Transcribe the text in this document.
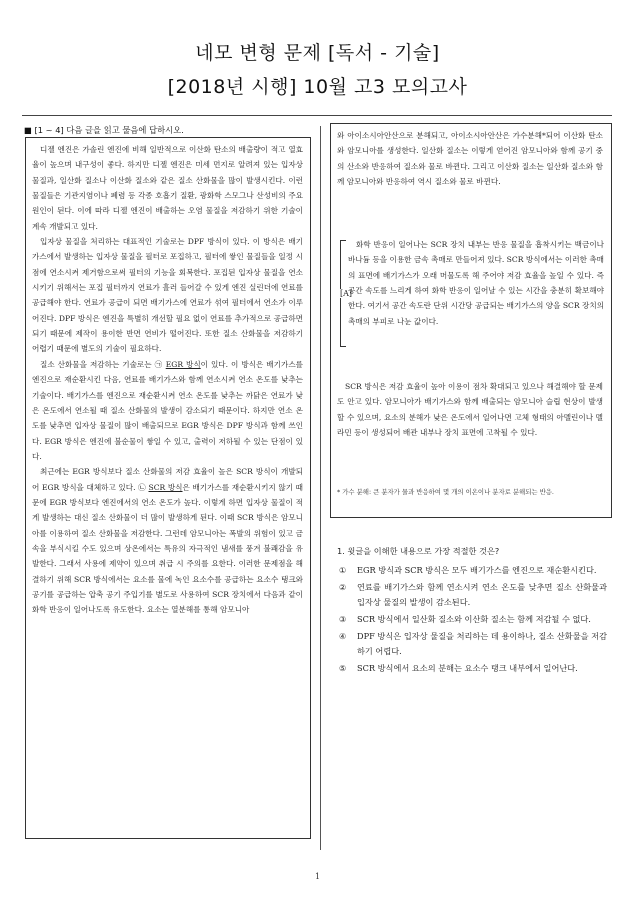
네모 변형 문제 [독서 - 기술]
[2018년 시행] 10월 고3 모의고사
■ [1 ~ 4] 다음 글을 읽고 물음에 답하시오.

디젤 엔진은 가솔린 엔진에 비해 일반적으로 이산화 탄소의 배출량이 적고 열효율이 높으며 내구성이 좋다. 하지만 디젤 엔진은 미세 먼지로 알려져 있는 입자상 물질과, 일산화 질소나 이산화 질소와 같은 질소 산화물을 많이 발생시킨다. 이런 물질들은 기관지염이나 폐렴 등 각종 호흡기 질환, 광화학 스모그나 산성비의 주요 원인이 된다. 이에 따라 디젤 엔진이 배출하는 오염 물질을 저감하기 위한 기술이 계속 개발되고 있다.

입자상 물질을 처리하는 대표적인 기술로는 DPF 방식이 있다. 이 방식은 배기가스에서 발생하는 입자상 물질을 필터로 포집하고, 필터에 쌓인 물질들을 일정 시점에 연소시켜 제거함으로써 필터의 기능을 회복한다. 포집된 입자상 물질을 연소시키기 위해서는 포집 필터까지 연료가 흘러 들어갈 수 있게 엔진 실린더에 연료를 공급해야 한다. 연료가 공급이 되면 배기가스에 연료가 섞여 필터에서 연소가 이루어진다. DPF 방식은 엔진을 특별히 개선할 필요 없이 연료를 추가적으로 공급하면 되기 때문에 제작이 용이한 반면 연비가 떨어진다. 또한 질소 산화물을 저감하기 어렵기 때문에 별도의 기술이 필요하다.

질소 산화물을 저감하는 기술로는 ㉠ EGR 방식이 있다. 이 방식은 배기가스를 엔진으로 재순환시킨 다음, 연료를 배기가스와 함께 연소시켜 연소 온도를 낮추는 기술이다. 배기가스를 엔진으로 재순환시켜 연소 온도를 낮추는 까닭은 연료가 낮은 온도에서 연소될 때 질소 산화물의 발생이 감소되기 때문이다. 하지만 연소 온도를 낮추면 입자상 물질이 많이 배출되므로 EGR 방식은 DPF 방식과 함께 쓰인다. EGR 방식은 엔진에 불순물이 쌓일 수 있고, 출력이 저하될 수 있는 단점이 있다.

최근에는 EGR 방식보다 질소 산화물의 저감 효율이 높은 SCR 방식이 개발되어 EGR 방식을 대체하고 있다. ㉡ SCR 방식은 배기가스를 재순환시키지 않기 때문에 EGR 방식보다 엔진에서의 연소 온도가 높다. 이렇게 하면 입자상 물질이 적게 발생하는 대신 질소 산화물이 더 많이 발생하게 된다. 이때 SCR 방식은 암모니아를 이용하여 질소 산화물을 저감한다. 그런데 암모니아는 폭발의 위험이 있고 금속을 부식시킬 수도 있으며 상온에서는 특유의 자극적인 냄새를 풍겨 불쾌감을 유발한다. 그래서 사용에 제약이 있으며 취급 시 주의를 요한다. 이러한 문제점을 해결하기 위해 SCR 방식에서는 요소를 물에 녹인 요소수를 공급하는 요소수 탱크와 공기를 공급하는 압축 공기 주입기를 별도로 사용하여 SCR 장치에서 다음과 같이 화학 반응이 일어나도록 유도한다. 요소는 열분해를 통해 암모니아

와 아이소시아안산으로 분해되고, 아이소시아안산은 가수분해*되어 이산화 탄소와 암모니아를 생성한다. 일산화 질소는 이렇게 얻어진 암모니아와 함께 공기 중의 산소와 반응하여 질소와 물로 바뀐다. 그리고 이산화 질소는 일산화 질소와 함께 암모니아와 반응하여 역시 질소와 물로 바뀐다.

[A]

화학 반응이 일어나는 SCR 장치 내부는 반응 물질을 흡착시키는 백금이나 바나듐 등을 이용한 금속 촉매로 만들어져 있다. SCR 방식에서는 이러한 촉매의 표면에 배기가스가 오래 머물도록 해 주어야 저감 효율을 높일 수 있다. 즉 공간 속도를 느리게 하여 화학 반응이 일어날 수 있는 시간을 충분히 확보해야 한다. 여기서 공간 속도란 단위 시간당 공급되는 배기가스의 양을 SCR 장치의 촉매의 부피로 나눈 값이다.

SCR 방식은 저감 효율이 높아 이용이 점차 확대되고 있으나 해결해야 할 문제도 안고 있다. 암모니아가 배기가스와 함께 배출되는 암모니아 슬립 현상이 발생할 수 있으며, 요소의 분해가 낮은 온도에서 일어나면 고체 형태의 아멜린이나 멜라민 등이 생성되어 배관 내부나 장치 표면에 고착될 수 있다.

* 가수 분해: 큰 분자가 물과 반응하여 몇 개의 이온이나 분자로 분해되는 반응.

1. 윗글을 이해한 내용으로 가장 적절한 것은?

① EGR 방식과 SCR 방식은 모두 배기가스를 엔진으로 재순환시킨다.
② 연료를 배기가스와 함께 연소시켜 연소 온도를 낮추면 질소 산화물과 입자상 물질의 발생이 감소된다.
③ SCR 방식에서 일산화 질소와 이산화 질소는 함께 저감될 수 없다.
④ DPF 방식은 입자상 물질을 처리하는 데 용이하나, 질소 산화물을 저감하기 어렵다.
⑤ SCR 방식에서 요소의 분해는 요소수 탱크 내부에서 일어난다.
1
